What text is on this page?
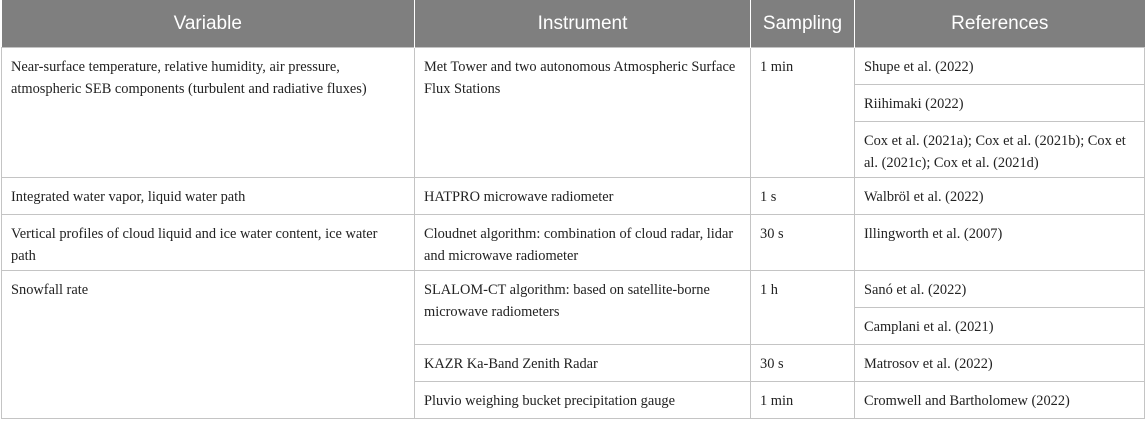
Variable	Instrument	Sampling	References
Near-surface temperature, relative humidity, air pressure, atmospheric SEB components (turbulent and radiative fluxes)	Met Tower and two autonomous Atmospheric Surface Flux Stations	1 min	Shupe et al. (2022)
			Riihimaki (2022)
			Cox et al. (2021a); Cox et al. (2021b); Cox et al. (2021c); Cox et al. (2021d)
Integrated water vapor, liquid water path	HATPRO microwave radiometer	1 s	Walbröl et al. (2022)
Vertical profiles of cloud liquid and ice water content, ice water path	Cloudnet algorithm: combination of cloud radar, lidar and microwave radiometer	30 s	Illingworth et al. (2007)
Snowfall rate	SLALOM-CT algorithm: based on satellite-borne microwave radiometers	1 h	Sanó et al. (2022)
			Camplani et al. (2021)
	KAZR Ka-Band Zenith Radar	30 s	Matrosov et al. (2022)
	Pluvio weighing bucket precipitation gauge	1 min	Cromwell and Bartholomew (2022)
